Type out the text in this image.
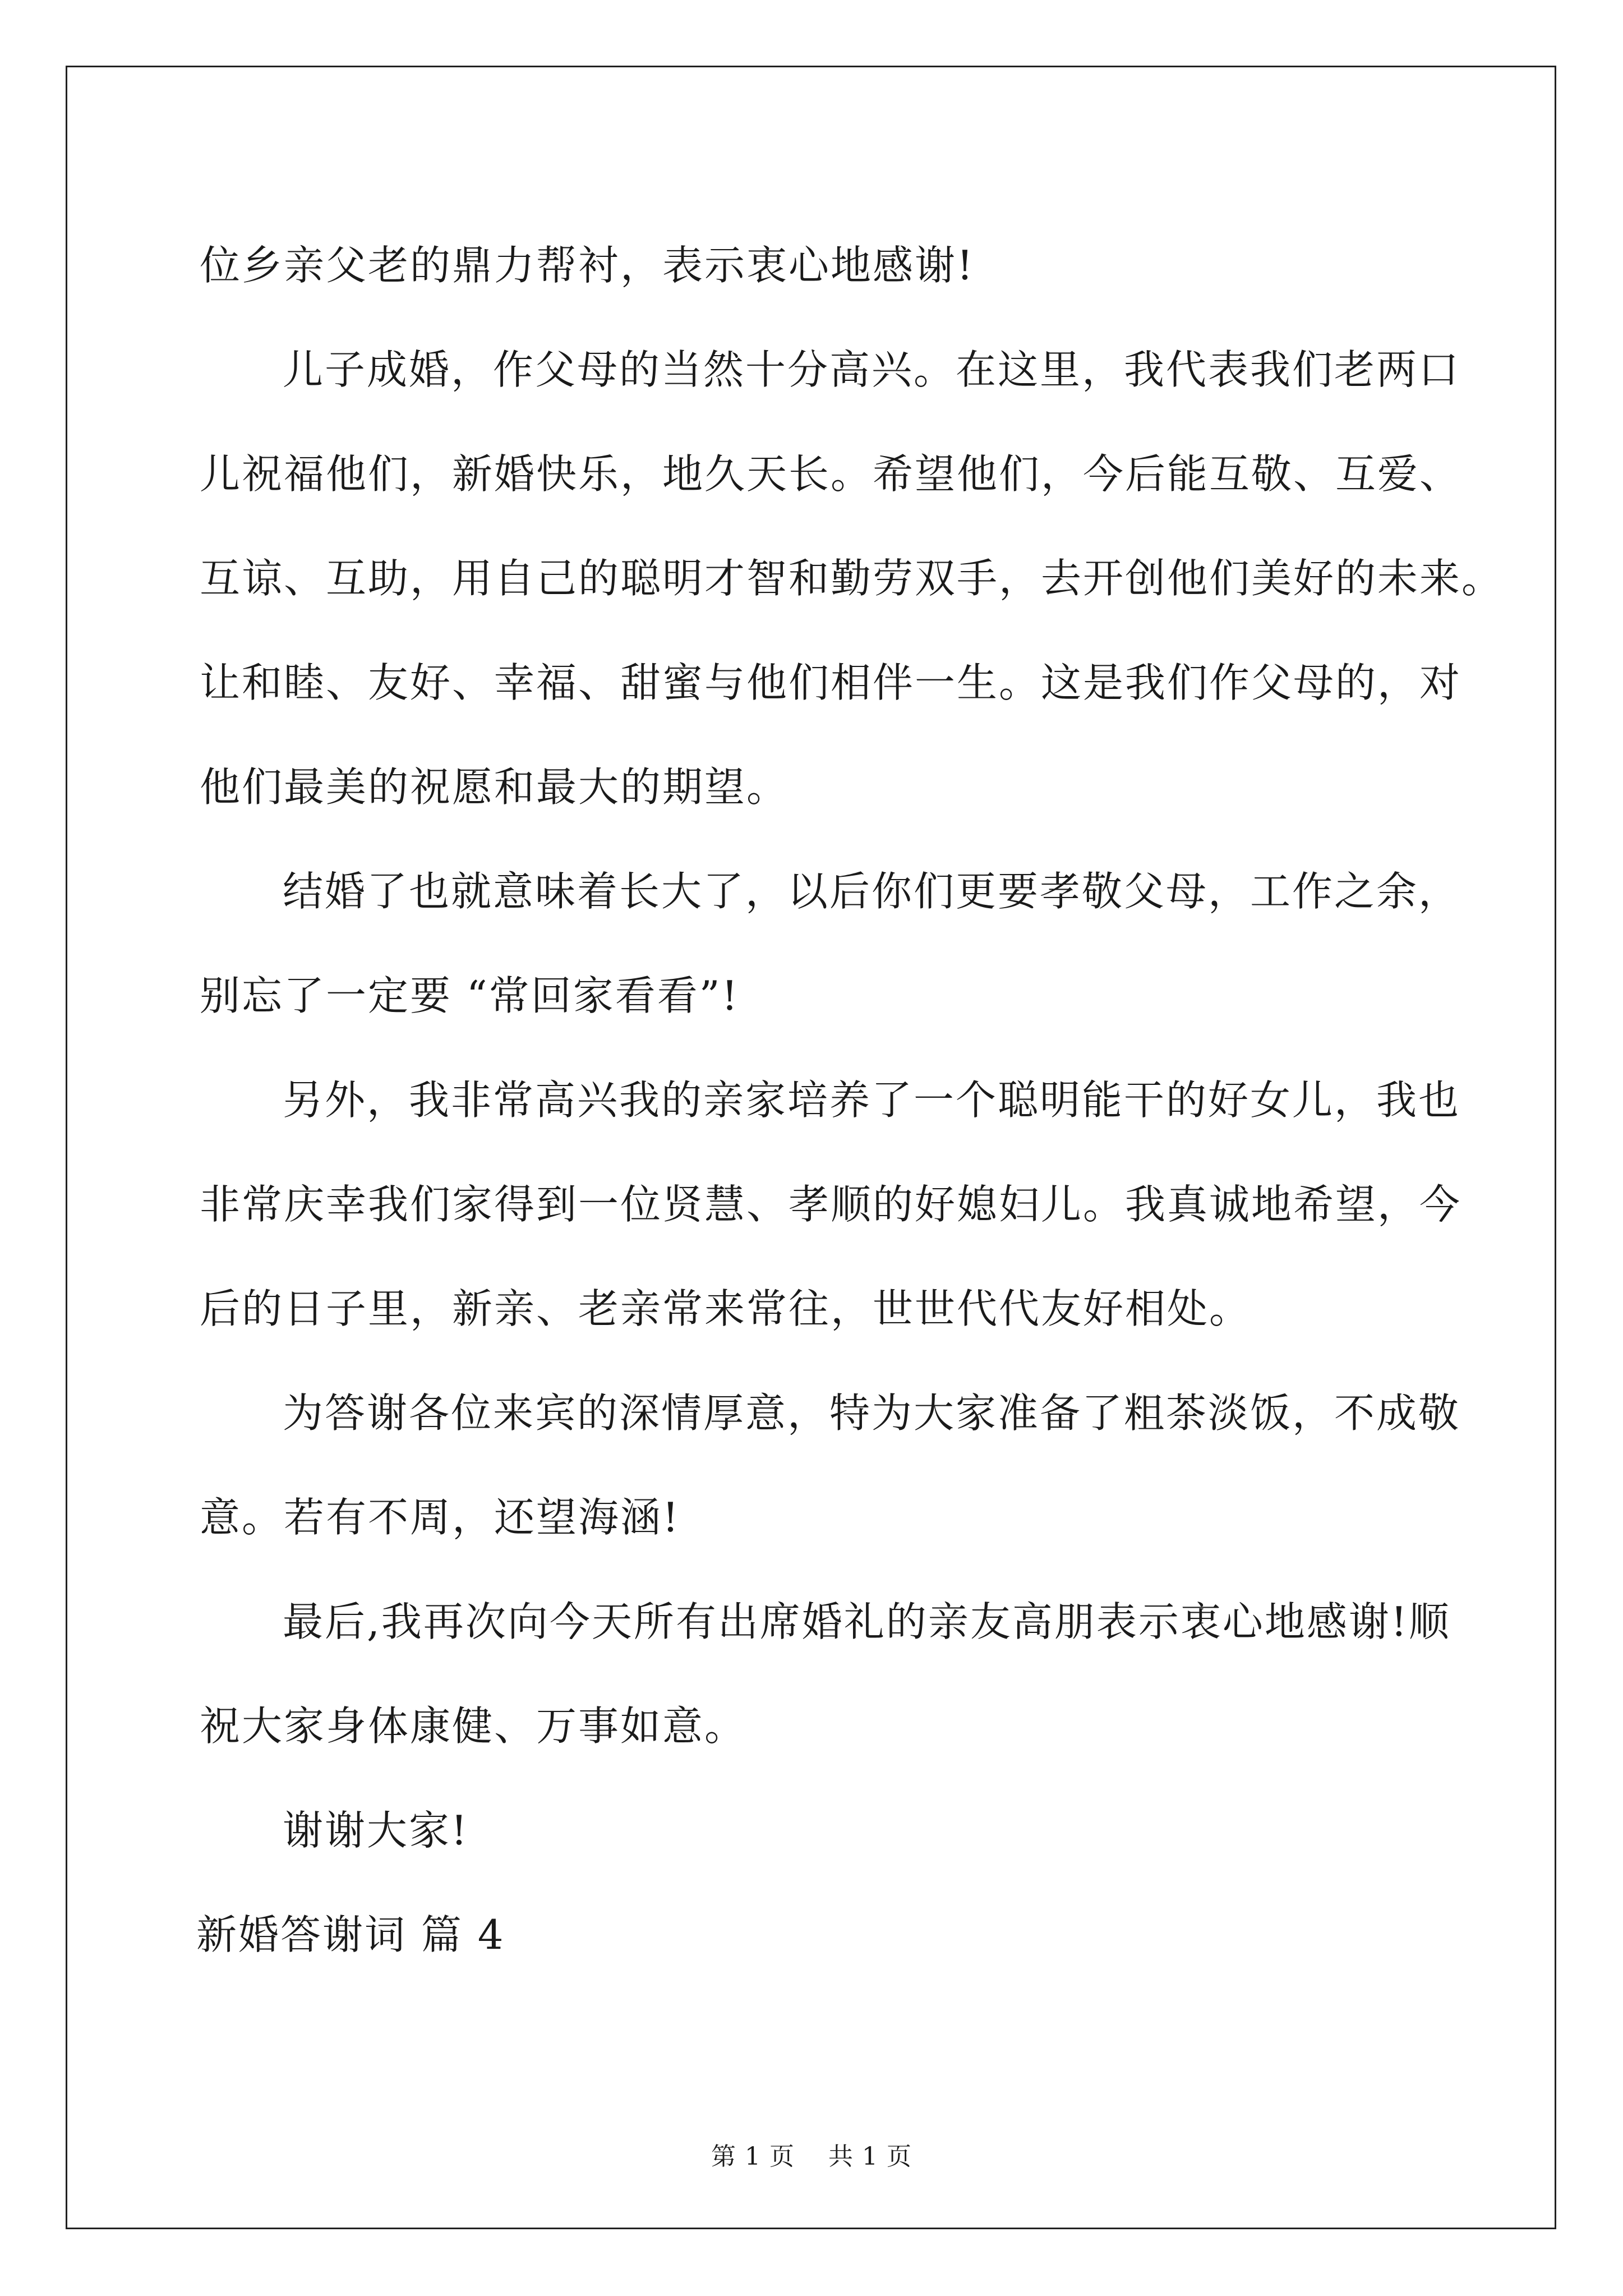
位乡亲父老的鼎力帮衬，表示衷心地感谢!
儿子成婚，作父母的当然十分高兴。在这里，我代表我们老两口
儿祝福他们，新婚快乐，地久天长。希望他们，今后能互敬、互爱、
互谅、互助，用自己的聪明才智和勤劳双手，去开创他们美好的未来。
让和睦、友好、幸福、甜蜜与他们相伴一生。这是我们作父母的，对
他们最美的祝愿和最大的期望。
结婚了也就意味着长大了，以后你们更要孝敬父母，工作之余，
别忘了一定要 “常回家看看”!
另外，我非常高兴我的亲家培养了一个聪明能干的好女儿，我也
非常庆幸我们家得到一位贤慧、孝顺的好媳妇儿。我真诚地希望，今
后的日子里，新亲、老亲常来常往，世世代代友好相处。
为答谢各位来宾的深情厚意，特为大家准备了粗茶淡饭，不成敬
意。若有不周，还望海涵!
最后,我再次向今天所有出席婚礼的亲友高朋表示衷心地感谢!顺
祝大家身体康健、万事如意。
谢谢大家!
新婚答谢词 篇 4
第 1 页 共 1 页
